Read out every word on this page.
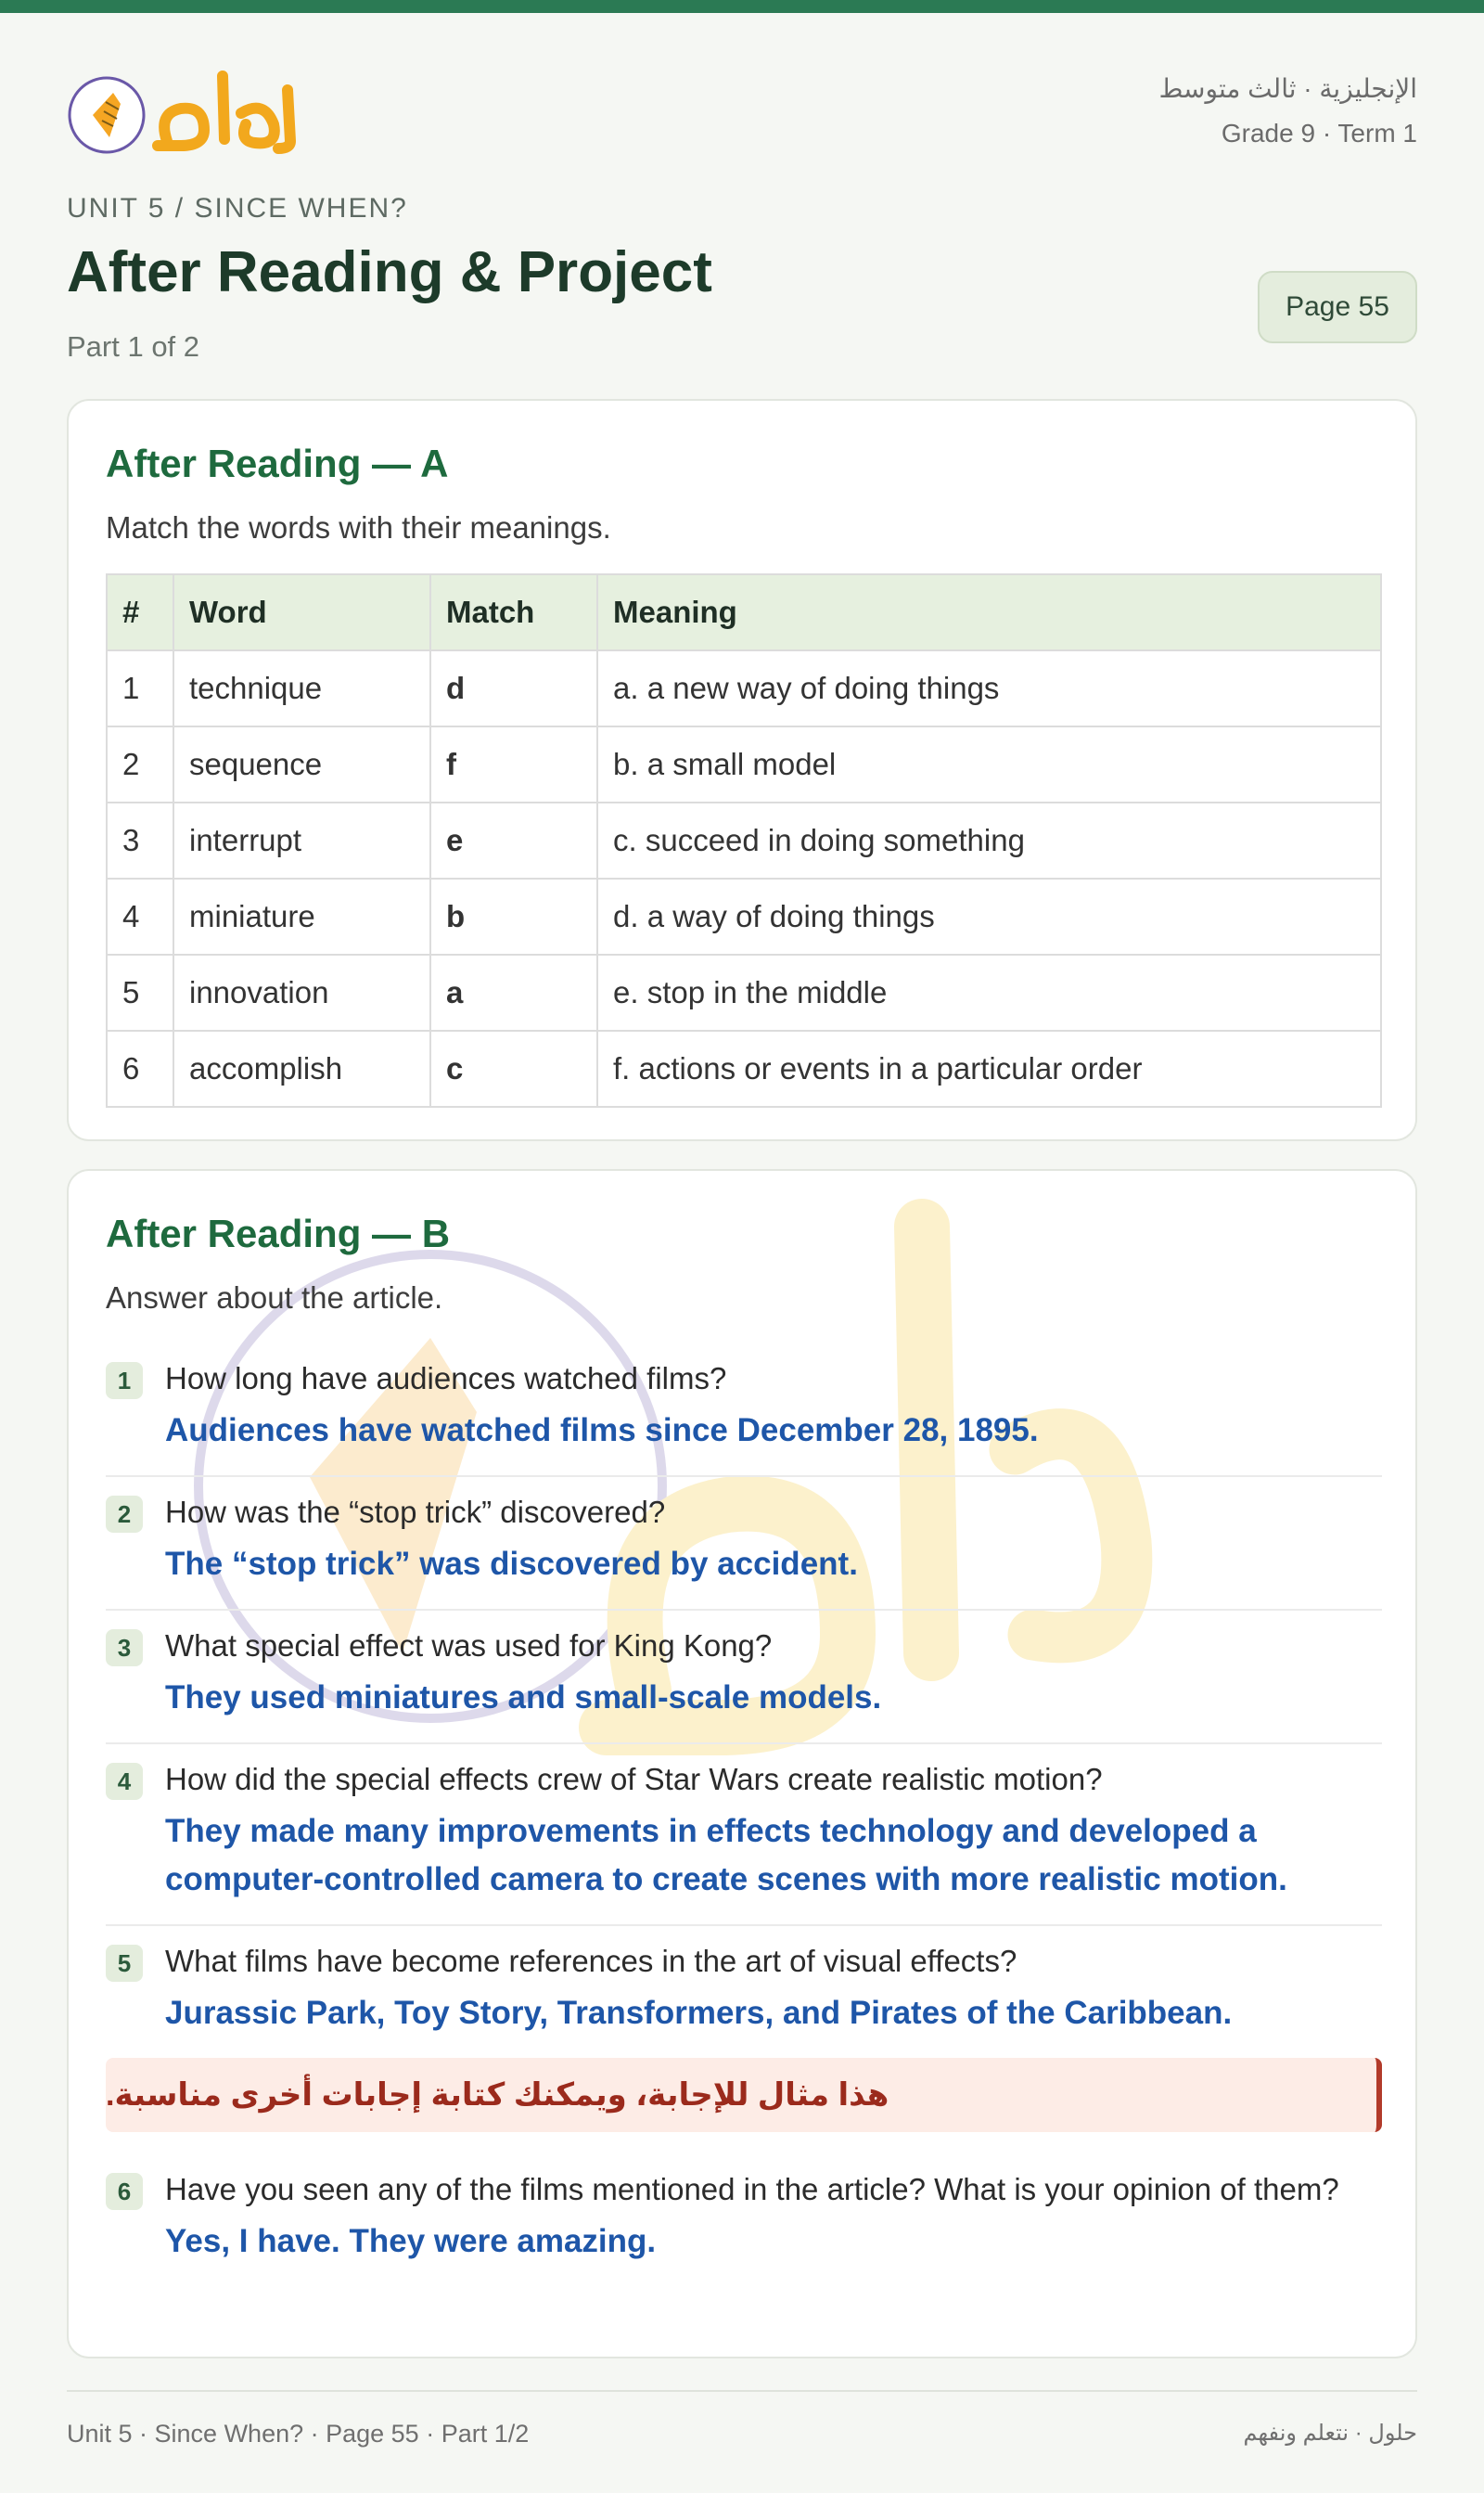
الإنجليزية · ثالث متوسط
Grade 9 · Term 1
UNIT 5 / SINCE WHEN?
After Reading & Project
Part 1 of 2
Page 55
After Reading — A
Match the words with their meanings.
#	Word	Match	Meaning
1	technique	d	a. a new way of doing things
2	sequence	f	b. a small model
3	interrupt	e	c. succeed in doing something
4	miniature	b	d. a way of doing things
5	innovation	a	e. stop in the middle
6	accomplish	c	f. actions or events in a particular order
After Reading — B
Answer about the article.
1	How long have audiences watched films?
Audiences have watched films since December 28, 1895.
2	How was the “stop trick” discovered?
The “stop trick” was discovered by accident.
3	What special effect was used for King Kong?
They used miniatures and small-scale models.
4	How did the special effects crew of Star Wars create realistic motion?
They made many improvements in effects technology and developed a computer-controlled camera to create scenes with more realistic motion.
5	What films have become references in the art of visual effects?
Jurassic Park, Toy Story, Transformers, and Pirates of the Caribbean.
هذا مثال للإجابة، ويمكنك كتابة إجابات أخرى مناسبة.
6	Have you seen any of the films mentioned in the article? What is your opinion of them?
Yes, I have. They were amazing.
Unit 5 · Since When? · Page 55 · Part 1/2	حلول · نتعلم ونفهم
